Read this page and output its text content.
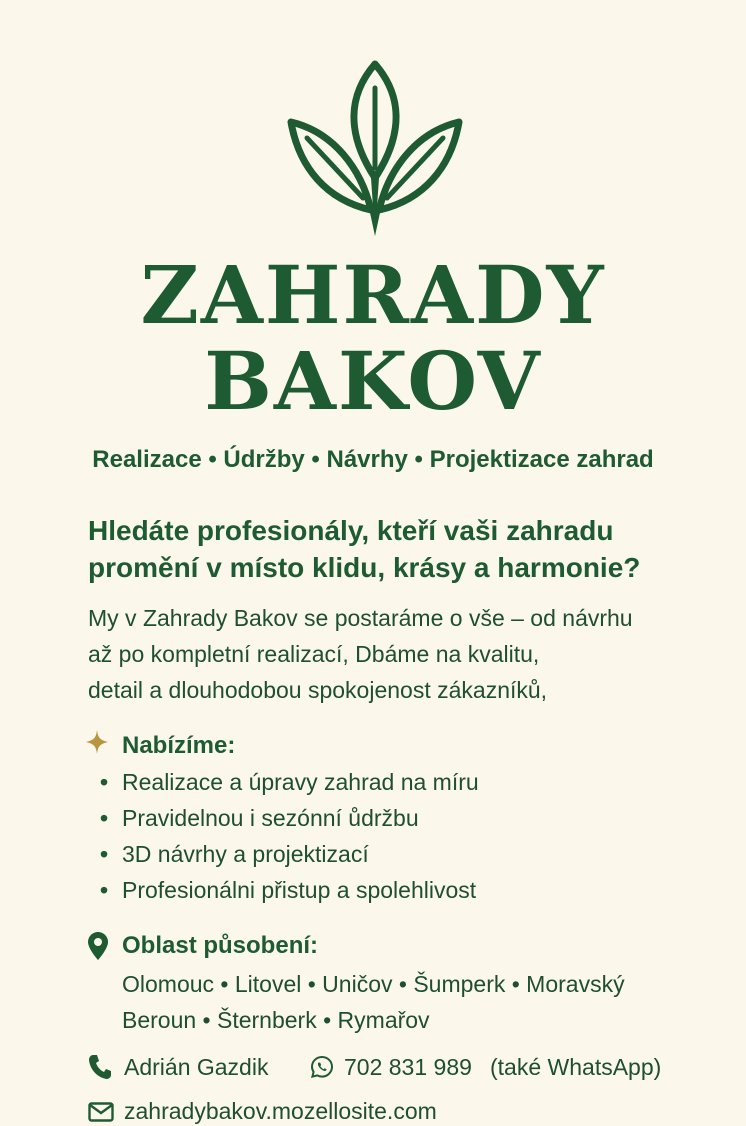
ZAHRADY
BAKOV
Realizace • Údržby • Návrhy • Projektizace zahrad
Hledáte profesionály, kteří vaši zahradu
promění v místo klidu, krásy a harmonie?
My v Zahrady Bakov se postaráme o vše – od návrhu
až po kompletní realizací, Dbáme na kvalitu,
detail a dlouhodobou spokojenost zákazníků,
Nabízíme:
• Realizace a úpravy zahrad na míru
• Pravidelnou i sezónní ůdržbu
• 3D návrhy a projektizací
• Profesionálni přistup a spolehlivost
Oblast působení:
Olomouc • Litovel • Uničov • Šumperk • Moravský
Beroun • Šternberk • Rymařov
Adrián Gazdik	702 831 989 (také WhatsApp)
zahradybakov.mozellosite.com
